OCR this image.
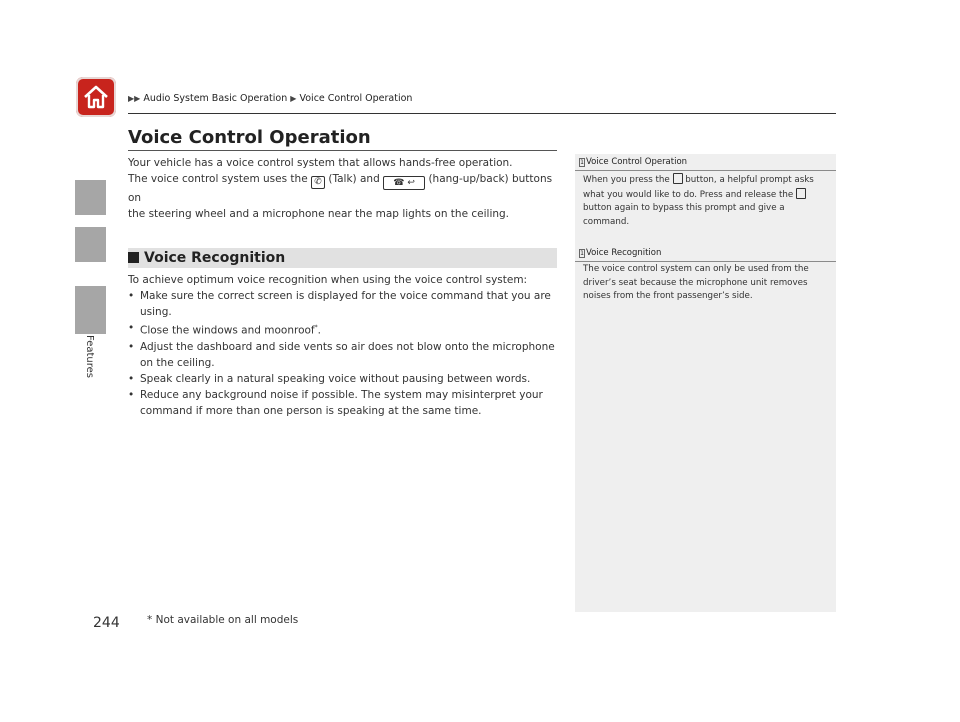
▶▶ Audio System Basic Operation ▶ Voice Control Operation
Features
Voice Control Operation
Your vehicle has a voice control system that allows hands-free operation.
The voice control system uses the ✆ (Talk) and ☎ ↩ (hang-up/back) buttons on
the steering wheel and a microphone near the map lights on the ceiling.
Voice Recognition
To achieve optimum voice recognition when using the voice control system:
• Make sure the correct screen is displayed for the voice command that you are using.
• Close the windows and moonroof*.
• Adjust the dashboard and side vents so air does not blow onto the microphone on the ceiling.
• Speak clearly in a natural speaking voice without pausing between words.
• Reduce any background noise if possible. The system may misinterpret your command if more than one person is speaking at the same time.
1 Voice Control Operation
When you press the button, a helpful prompt asks what you would like to do. Press and release the  button again to bypass this prompt and give a command.
1 Voice Recognition
The voice control system can only be used from the driver’s seat because the microphone unit removes noises from the front passenger’s side.
244	* Not available on all models
